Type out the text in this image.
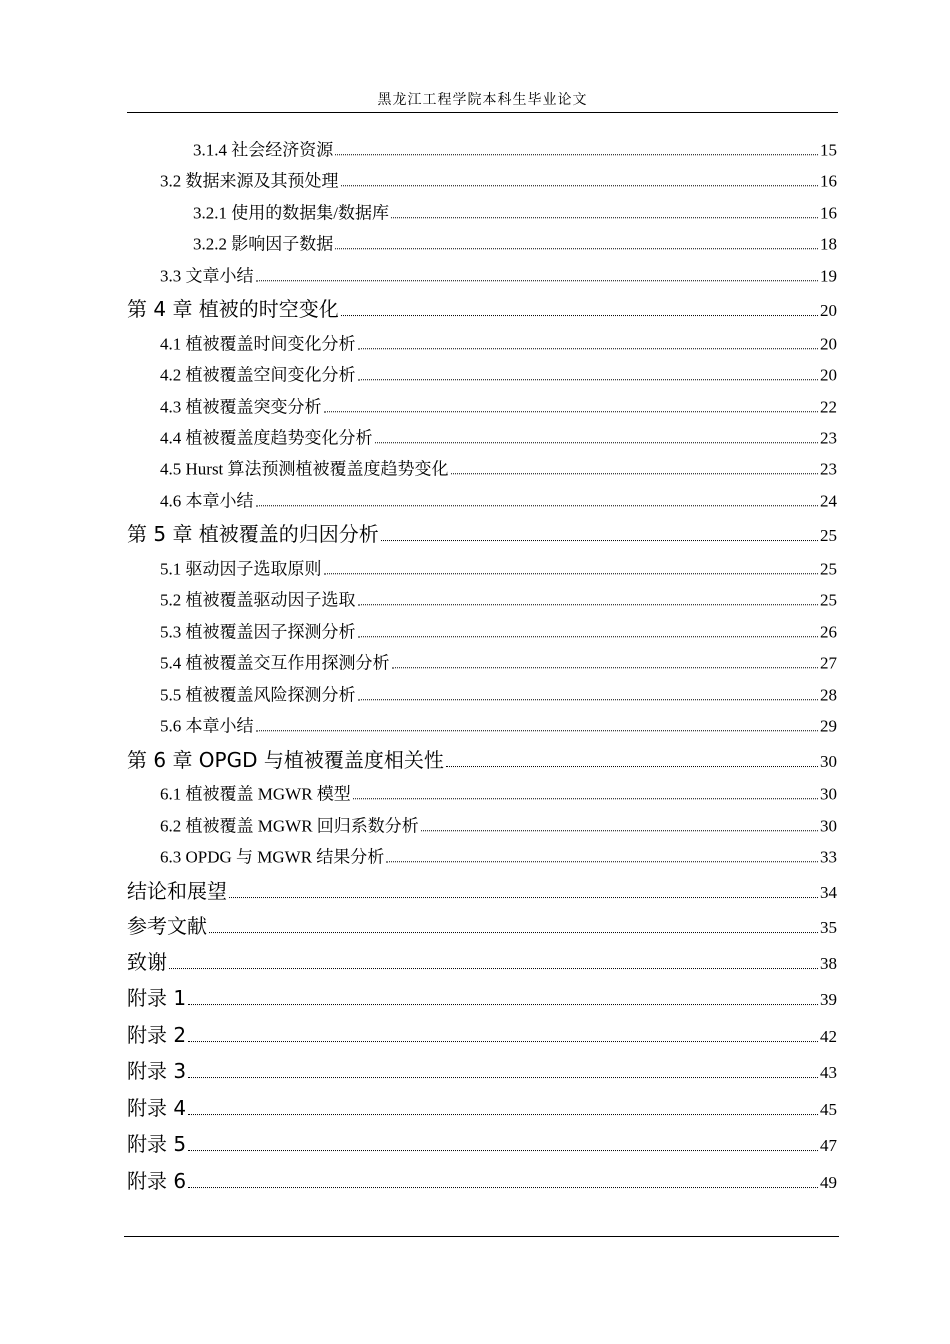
黑龙江工程学院本科生毕业论文
3.1.4 社会经济资源	15
3.2 数据来源及其预处理	16
3.2.1 使用的数据集/数据库	16
3.2.2 影响因子数据	18
3.3 文章小结	19
第 4 章 植被的时空变化	20
4.1 植被覆盖时间变化分析	20
4.2 植被覆盖空间变化分析	20
4.3 植被覆盖突变分析	22
4.4 植被覆盖度趋势变化分析	23
4.5 Hurst 算法预测植被覆盖度趋势变化	23
4.6 本章小结	24
第 5 章 植被覆盖的归因分析	25
5.1 驱动因子选取原则	25
5.2 植被覆盖驱动因子选取	25
5.3 植被覆盖因子探测分析	26
5.4 植被覆盖交互作用探测分析	27
5.5 植被覆盖风险探测分析	28
5.6 本章小结	29
第 6 章 OPGD 与植被覆盖度相关性	30
6.1 植被覆盖 MGWR 模型	30
6.2 植被覆盖 MGWR 回归系数分析	30
6.3 OPDG 与 MGWR 结果分析	33
结论和展望	34
参考文献	35
致谢	38
附录 1	39
附录 2	42
附录 3	43
附录 4	45
附录 5	47
附录 6	49
